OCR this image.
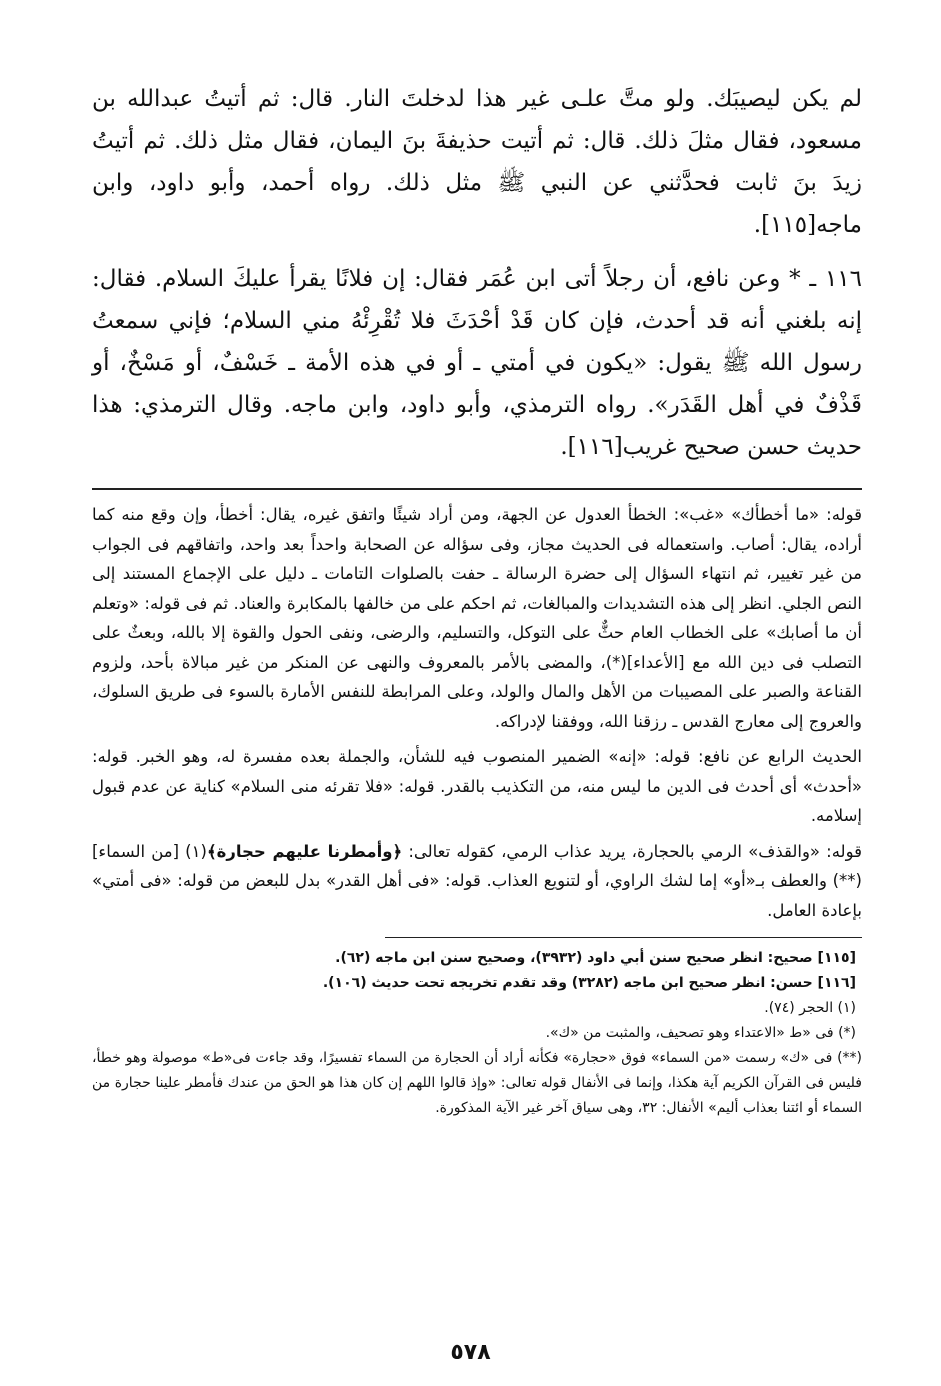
لم يكن ليصيبَك. ولو متَّ علـى غير هذا لدخلتَ النار. قال: ثم أتيتُ عبدالله بن مسعود، فقال مثلَ ذلك. قال: ثم أتيت حذيفةَ بنَ اليمان، فقال مثل ذلك. ثم أتيتُ زيدَ بنَ ثابت فحدَّثني عن النبي ﷺ مثل ذلك. رواه أحمد، وأبو داود، وابن ماجه[١١٥].

١١٦ ـ * وعن نافع، أن رجلاً أتى ابن عُمَر فقال: إن فلانًا يقرأ عليكَ السلام. فقال: إنه بلغني أنه قد أحدث، فإن كان قَدْ أحْدَثَ فلا تُقْرِئْهُ مني السلام؛ فإني سمعتُ رسول الله ﷺ يقول: «يكون في أمتي ـ أو في هذه الأمة ـ خَسْفٌ، أو مَسْخٌ، أو قَذْفٌ في أهل القَدَر». رواه الترمذي، وأبو داود، وابن ماجه. وقال الترمذي: هذا حديث حسن صحيح غريب[١١٦].

قوله: «ما أخطأك» «غب»: الخطأ العدول عن الجهة، ومن أراد شيئًا واتفق غيره، يقال: أخطأ، وإن وقع منه كما أراده، يقال: أصاب. واستعماله فى الحديث مجاز، وفى سؤاله عن الصحابة واحداً بعد واحد، واتفاقهم فى الجواب من غير تغيير، ثم انتهاء السؤال إلى حضرة الرسالة ـ حفت بالصلوات التامات ـ دليل على الإجماع المستند إلى النص الجلي. انظر إلى هذه التشديدات والمبالغات، ثم احكم على من خالفها بالمكابرة والعناد. ثم فى قوله: «وتعلم أن ما أصابك» على الخطاب العام حثٌّ على التوكل، والتسليم، والرضى، ونفى الحول والقوة إلا بالله، وبعثٌ على التصلب فى دين الله مع [الأعداء](*)، والمضى بالأمر بالمعروف والنهى عن المنكر من غير مبالاة بأحد، ولزوم القناعة والصبر على المصيبات من الأهل والمال والولد، وعلى المرابطة للنفس الأمارة بالسوء فى طريق السلوك، والعروج إلى معارج القدس ـ رزقنا الله، ووفقنا لإدراكه.

الحديث الرابع عن نافع: قوله: «إنه» الضمير المنصوب فيه للشأن، والجملة بعده مفسرة له، وهو الخبر. قوله: «أحدث» أى أحدث فى الدين ما ليس منه، من التكذيب بالقدر. قوله: «فلا تقرئه منى السلام» كناية عن عدم قبول إسلامه.

قوله: «والقذف» الرمي بالحجارة، يريد عذاب الرمي، كقوله تعالى: ﴿وأمطرنا عليهم حجارة﴾(١) [من السماء] (**) والعطف بـ«أو» إما لشك الراوي، أو لتنويع العذاب. قوله: «فى أهل القدر» بدل للبعض من قوله: «فى أمتي» بإعادة العامل.

[١١٥] صحيح: انظر صحيح سنن أبي داود (٣٩٣٢)، وصحيح سنن ابن ماجه (٦٢).

[١١٦] حسن: انظر صحيح ابن ماجه (٣٢٨٢) وقد تقدم تخريجه تحت حديث (١٠٦).

(١) الحجر (٧٤).

(*) فى «ط «الاعتداء وهو تصحيف، والمثبت من «ك».

(**) فى «ك» رسمت «من السماء» فوق «حجارة» فكأنه أراد أن الحجارة من السماء تفسيرًا، وقد جاءت فى«ط» موصولة وهو خطأ، فليس فى القرآن الكريم آية هكذا، وإنما فى الأنفال قوله تعالى: «وإذ قالوا اللهم إن كان هذا هو الحق من عندك فأمطر علينا حجارة من السماء أو ائتنا بعذاب أليم» الأنفال: ٣٢، وهى سياق آخر غير الآية المذكورة.

٥٧٨
